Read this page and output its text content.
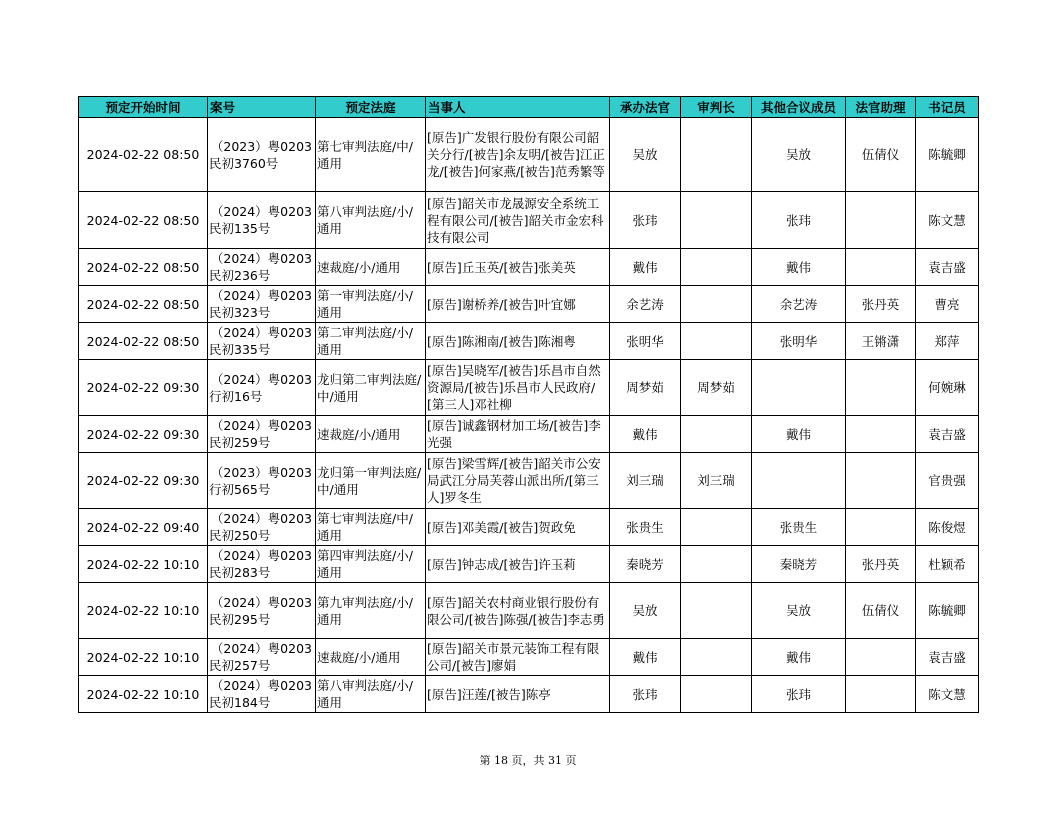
预定开始时间	案号	预定法庭	当事人	承办法官	审判长	其他合议成员	法官助理	书记员
2024-02-22 08:50	（2023）粤0203
民初3760号	第七审判法庭/中/通用	[原告]广发银行股份有限公司韶关分行/[被告]余友明/[被告]江正龙/[被告]何家燕/[被告]范秀繁等	吴放		吴放	伍倩仪	陈毓卿
2024-02-22 08:50	（2024）粤0203
民初135号	第八审判法庭/小/通用	[原告]韶关市龙晟源安全系统工程有限公司/[被告]韶关市金宏科技有限公司	张玮		张玮		陈文慧
2024-02-22 08:50	（2024）粤0203
民初236号	速裁庭/小/通用	[原告]丘玉英/[被告]张美英	戴伟		戴伟		袁吉盛
2024-02-22 08:50	（2024）粤0203
民初323号	第一审判法庭/小/通用	[原告]谢桥养/[被告]叶宜娜	余艺涛		余艺涛	张丹英	曹亮
2024-02-22 08:50	（2024）粤0203
民初335号	第二审判法庭/小/通用	[原告]陈湘南/[被告]陈湘粤	张明华		张明华	王锵潇	郑萍
2024-02-22 09:30	（2024）粤0203
行初16号	龙归第二审判法庭/中/通用	[原告]吴晓军/[被告]乐昌市自然资源局/[被告]乐昌市人民政府/[第三人]邓社柳	周梦茹	周梦茹			何婉琳
2024-02-22 09:30	（2024）粤0203
民初259号	速裁庭/小/通用	[原告]诚鑫钢材加工场/[被告]李光强	戴伟		戴伟		袁吉盛
2024-02-22 09:30	（2023）粤0203
行初565号	龙归第一审判法庭/中/通用	[原告]梁雪辉/[被告]韶关市公安局武江分局芙蓉山派出所/[第三人]罗冬生	刘三瑞	刘三瑞			官贵强
2024-02-22 09:40	（2024）粤0203
民初250号	第七审判法庭/中/通用	[原告]邓美霞/[被告]贺政免	张贵生		张贵生		陈俊煜
2024-02-22 10:10	（2024）粤0203
民初283号	第四审判法庭/小/通用	[原告]钟志成/[被告]许玉莉	秦晓芳		秦晓芳	张丹英	杜颖希
2024-02-22 10:10	（2024）粤0203
民初295号	第九审判法庭/小/通用	[原告]韶关农村商业银行股份有限公司/[被告]陈强/[被告]李志勇	吴放		吴放	伍倩仪	陈毓卿
2024-02-22 10:10	（2024）粤0203
民初257号	速裁庭/小/通用	[原告]韶关市景元装饰工程有限公司/[被告]廖娟	戴伟		戴伟		袁吉盛
2024-02-22 10:10	（2024）粤0203
民初184号	第八审判法庭/小/通用	[原告]汪莲/[被告]陈亭	张玮		张玮		陈文慧
第 18 页，共 31 页
